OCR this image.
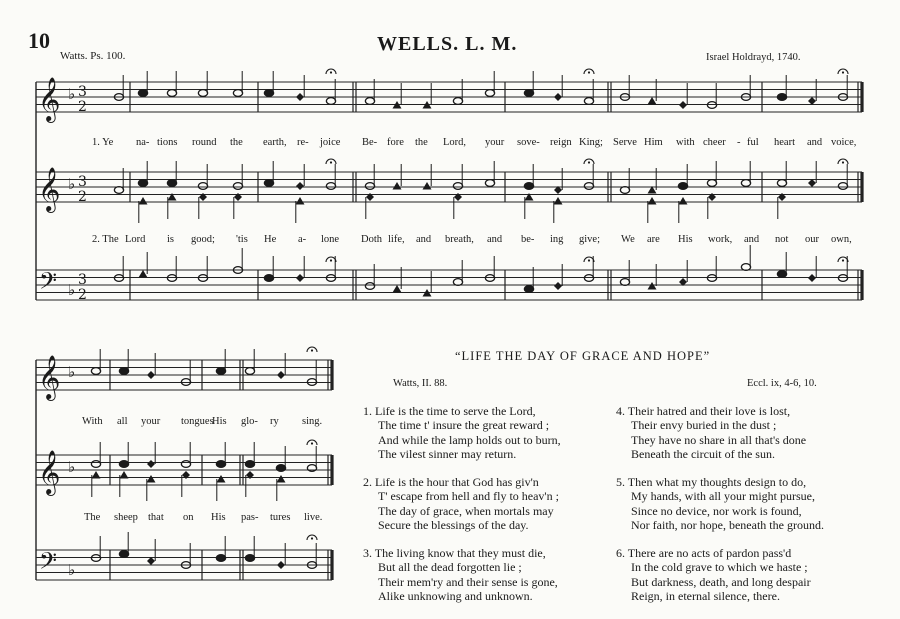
10	WELLS. L. M.
Watts. Ps. 100.	Israel Holdrayd, 1740.
𝄞
𝄞
𝄢
♭
♭
♭
3
2
3
2
3
2
𝄞
𝄞
𝄢
♭
♭
♭
1. Ye na- tions round the earth, re- joice Be- fore the Lord, your sove- reign King; Serve Him with cheer - ful heart and voice,
2. The Lord is good; 'tis He a- lone Doth life, and breath, and be- ing give; We are His work, and not our own,
With all your tongues
His glo- ry sing.
The sheep that on His pas- tures live.
“LIFE THE DAY OF GRACE AND HOPE”
Watts, II. 88.	Eccl. ix, 4-6, 10.
1. Life is the time to serve the Lord,
The time t' insure the great reward ;
And while the lamp holds out to burn,
The vilest sinner may return.
2. Life is the hour that God has giv'n
T' escape from hell and fly to heav'n ;
The day of grace, when mortals may
Secure the blessings of the day.
3. The living know that they must die,
But all the dead forgotten lie ;
Their mem'ry and their sense is gone,
Alike unknowing and unknown.
4. Their hatred and their love is lost,
Their envy buried in the dust ;
They have no share in all that's done
Beneath the circuit of the sun.
5. Then what my thoughts design to do,
My hands, with all your might pursue,
Since no device, nor work is found,
Nor faith, nor hope, beneath the ground.
6. There are no acts of pardon pass'd
In the cold grave to which we haste ;
But darkness, death, and long despair
Reign, in eternal silence, there.
